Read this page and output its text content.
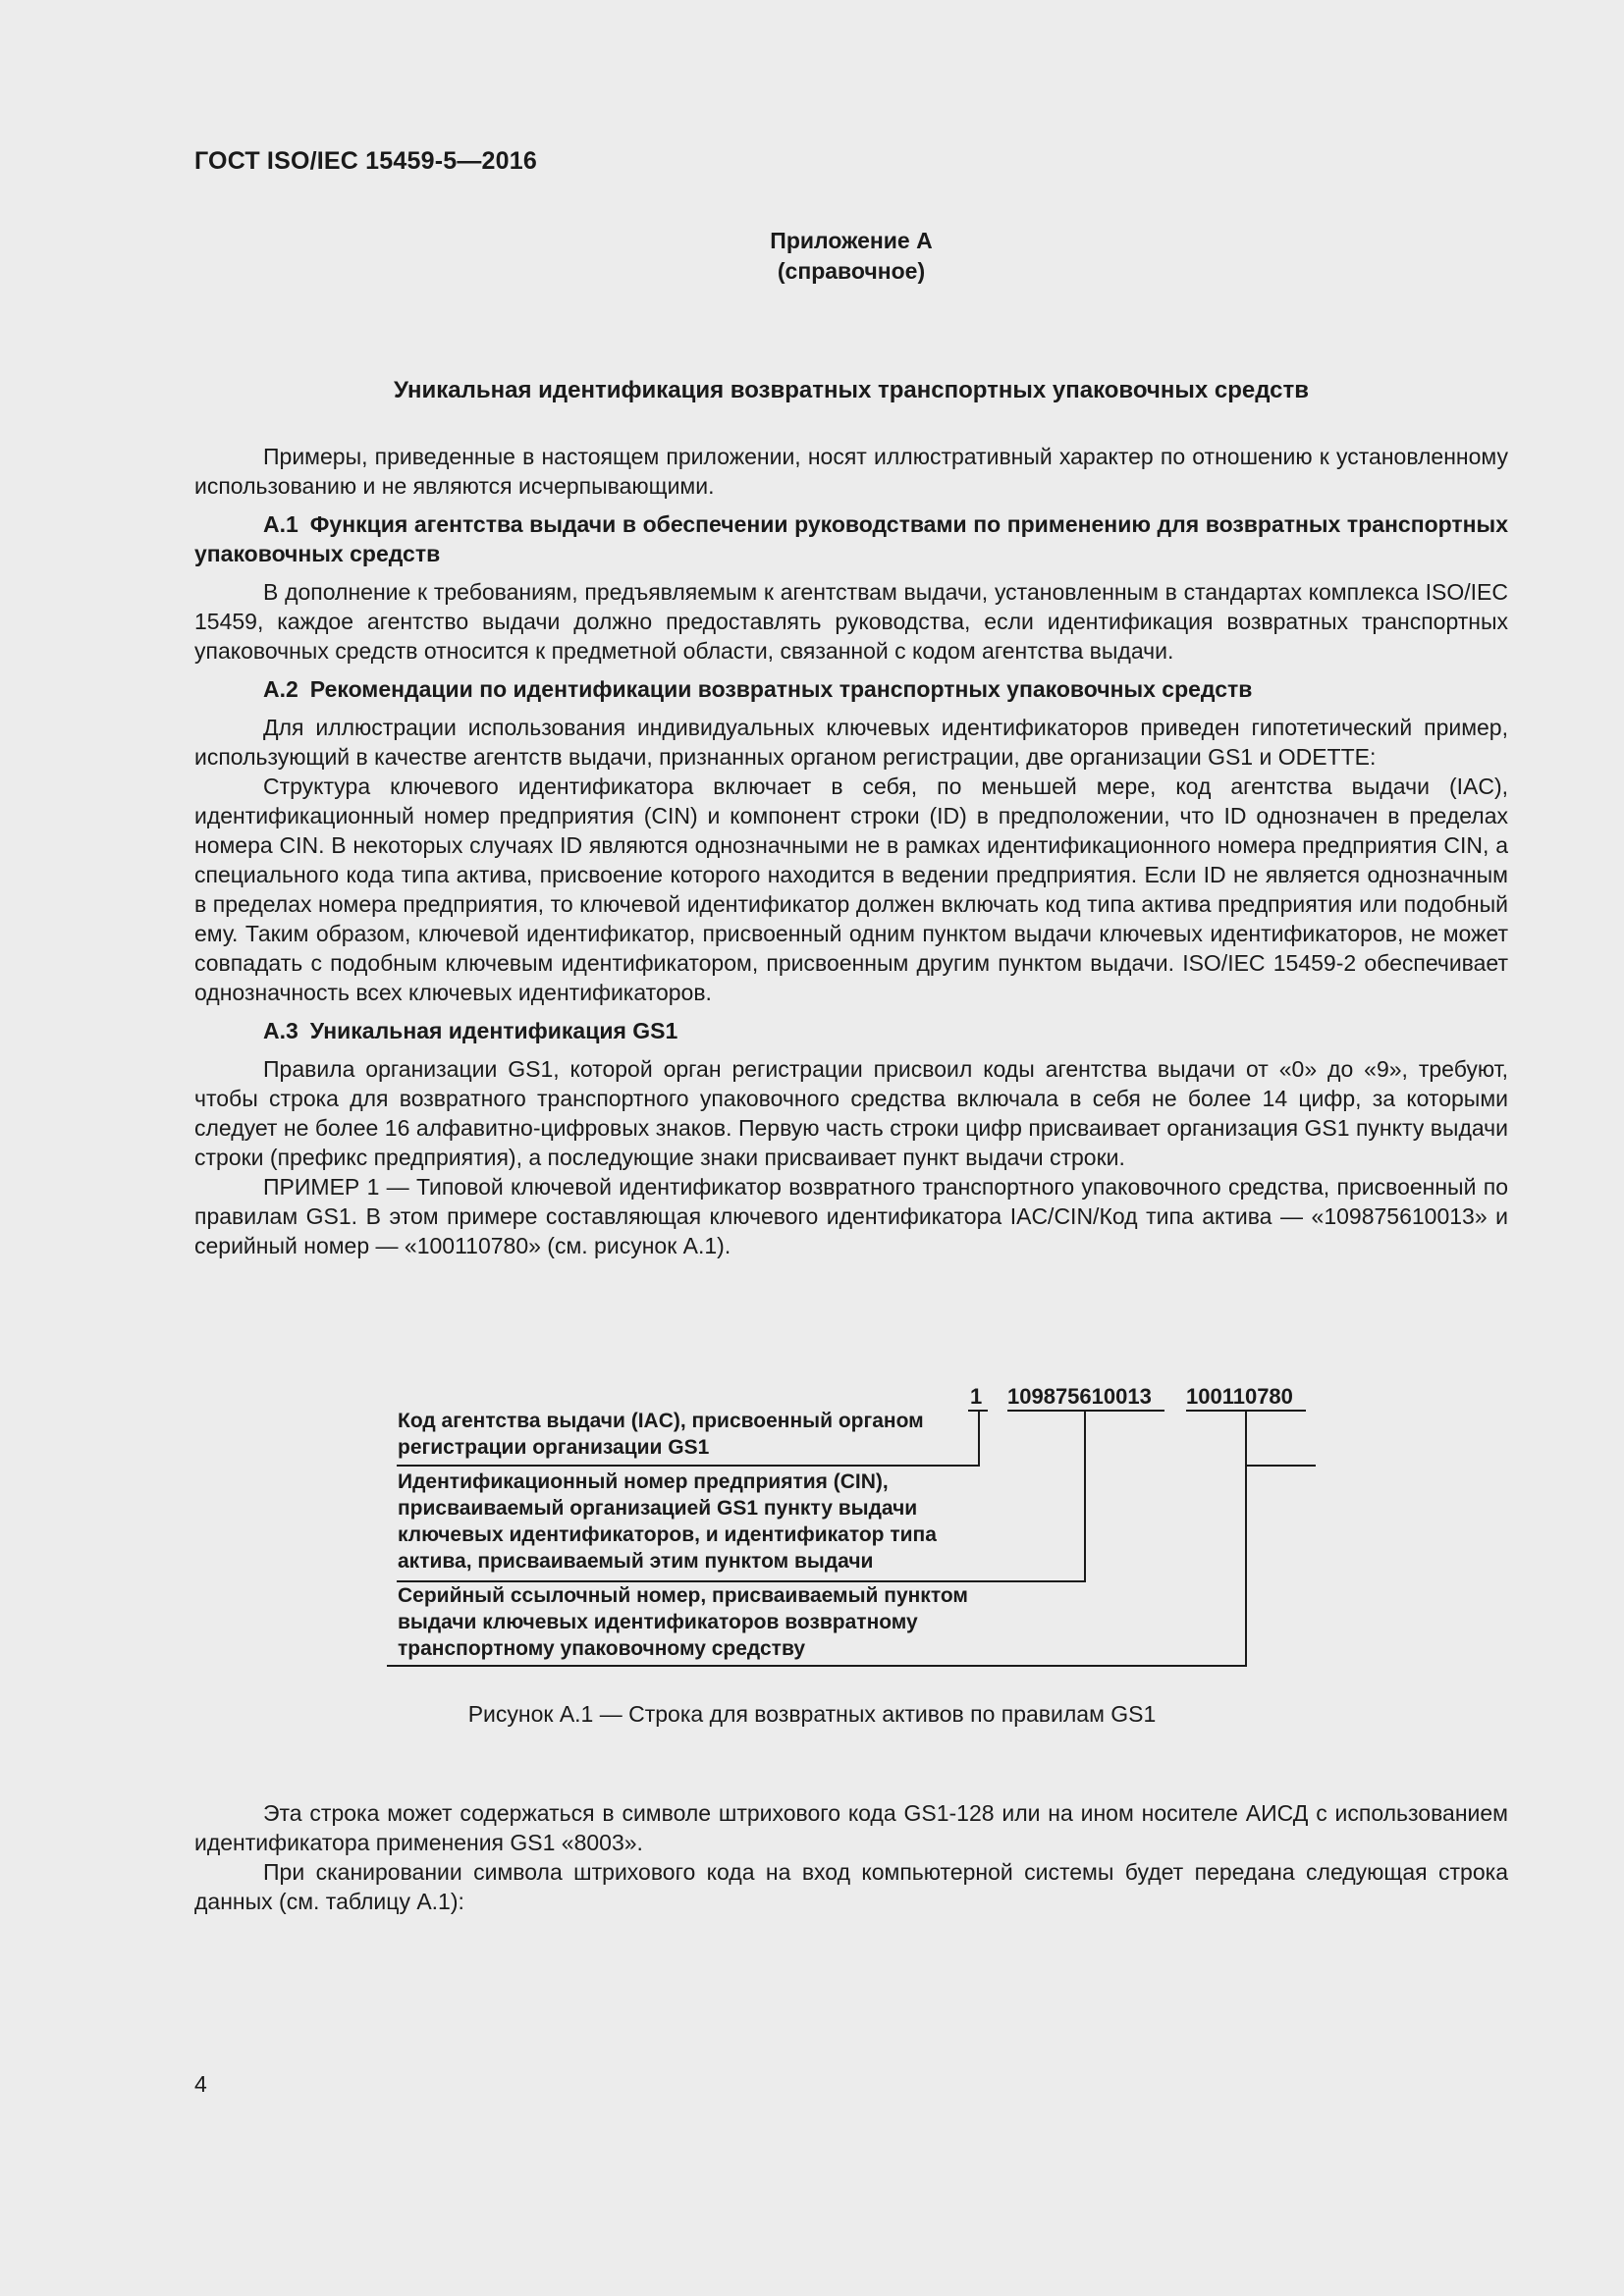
ГОСТ ISO/IEC 15459-5—2016
Приложение А
(справочное)
Уникальная идентификация возвратных транспортных упаковочных средств

Примеры, приведенные в настоящем приложении, носят иллюстративный характер по отношению к установленному использованию и не являются исчерпывающими.

A.1 Функция агентства выдачи в обеспечении руководствами по применению для возвратных транспортных упаковочных средств

В дополнение к требованиям, предъявляемым к агентствам выдачи, установленным в стандартах комплекса ISO/IEC 15459, каждое агентство выдачи должно предоставлять руководства, если идентификация возвратных транспортных упаковочных средств относится к предметной области, связанной с кодом агентства выдачи.

A.2 Рекомендации по идентификации возвратных транспортных упаковочных средств

Для иллюстрации использования индивидуальных ключевых идентификаторов приведен гипотетический пример, использующий в качестве агентств выдачи, признанных органом регистрации, две организации GS1 и ODETTE:

Структура ключевого идентификатора включает в себя, по меньшей мере, код агентства выдачи (IAC), идентификационный номер предприятия (CIN) и компонент строки (ID) в предположении, что ID однозначен в пределах номера CIN. В некоторых случаях ID являются однозначными не в рамках идентификационного номера предприятия CIN, а специального кода типа актива, присвоение которого находится в ведении предприятия. Если ID не является однозначным в пределах номера предприятия, то ключевой идентификатор должен включать код типа актива предприятия или подобный ему. Таким образом, ключевой идентификатор, присвоенный одним пунктом выдачи ключевых идентификаторов, не может совпадать с подобным ключевым идентификатором, присвоенным другим пунктом выдачи. ISO/IEC 15459-2 обеспечивает однозначность всех ключевых идентификаторов.

A.3 Уникальная идентификация GS1

Правила организации GS1, которой орган регистрации присвоил коды агентства выдачи от «0» до «9», требуют, чтобы строка для возвратного транспортного упаковочного средства включала в себя не более 14 цифр, за которыми следует не более 16 алфавитно-цифровых знаков. Первую часть строки цифр присваивает организация GS1 пункту выдачи строки (префикс предприятия), а последующие знаки присваивает пункт выдачи строки.

ПРИМЕР 1 — Типовой ключевой идентификатор возвратного транспортного упаковочного средства, присвоенный по правилам GS1. В этом примере составляющая ключевого идентификатора IAC/CIN/Код типа актива — «109875610013» и серийный номер — «100110780» (см. рисунок А.1).

1 109875610013 100110780
Код агентства выдачи (IAC), присвоенный органом
регистрации организации GS1
Идентификационный номер предприятия (CIN),
присваиваемый организацией GS1 пункту выдачи
ключевых идентификаторов, и идентификатор типа
актива, присваиваемый этим пунктом выдачи
Серийный ссылочный номер, присваиваемый пунктом
выдачи ключевых идентификаторов возвратному
транспортному упаковочному средству
Рисунок А.1 — Строка для возвратных активов по правилам GS1

Эта строка может содержаться в символе штрихового кода GS1-128 или на ином носителе АИСД с использованием идентификатора применения GS1 «8003».

При сканировании символа штрихового кода на вход компьютерной системы будет передана следующая строка данных (см. таблицу А.1):

4
